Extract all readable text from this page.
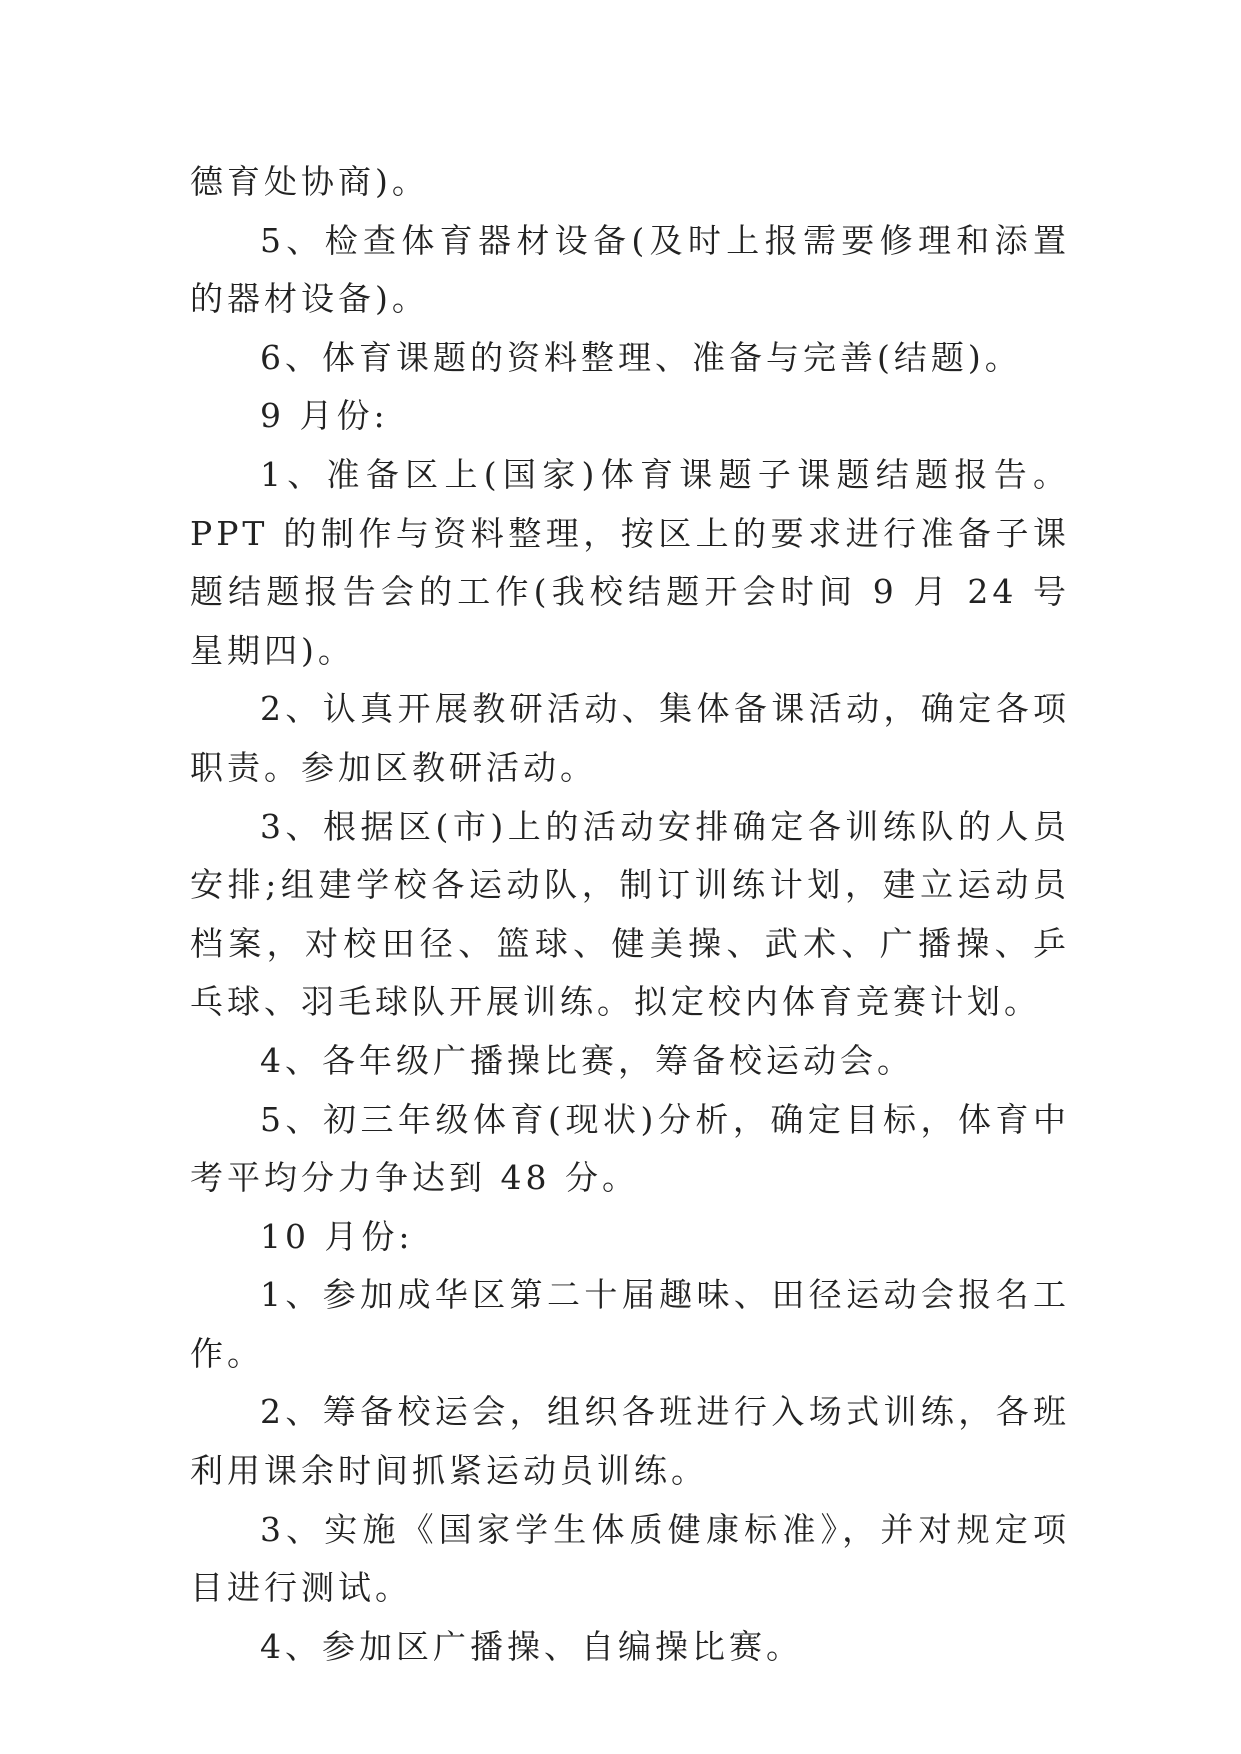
德育处协商)。

5、检查体育器材设备(及时上报需要修理和添置的器材设备)。

6、体育课题的资料整理、准备与完善(结题)。

9 月份:

1、准备区上(国家)体育课题子课题结题报告。PPT 的制作与资料整理，按区上的要求进行准备子课题结题报告会的工作(我校结题开会时间 9 月 24 号星期四)。

2、认真开展教研活动、集体备课活动，确定各项职责。参加区教研活动。

3、根据区(市)上的活动安排确定各训练队的人员安排;组建学校各运动队，制订训练计划，建立运动员档案，对校田径、篮球、健美操、武术、广播操、乒乓球、羽毛球队开展训练。拟定校内体育竞赛计划。

4、各年级广播操比赛，筹备校运动会。

5、初三年级体育(现状)分析，确定目标，体育中考平均分力争达到 48 分。

10 月份:

1、参加成华区第二十届趣味、田径运动会报名工作。

2、筹备校运会，组织各班进行入场式训练，各班利用课余时间抓紧运动员训练。

3、实施《国家学生体质健康标准》，并对规定项目进行测试。

4、参加区广播操、自编操比赛。
